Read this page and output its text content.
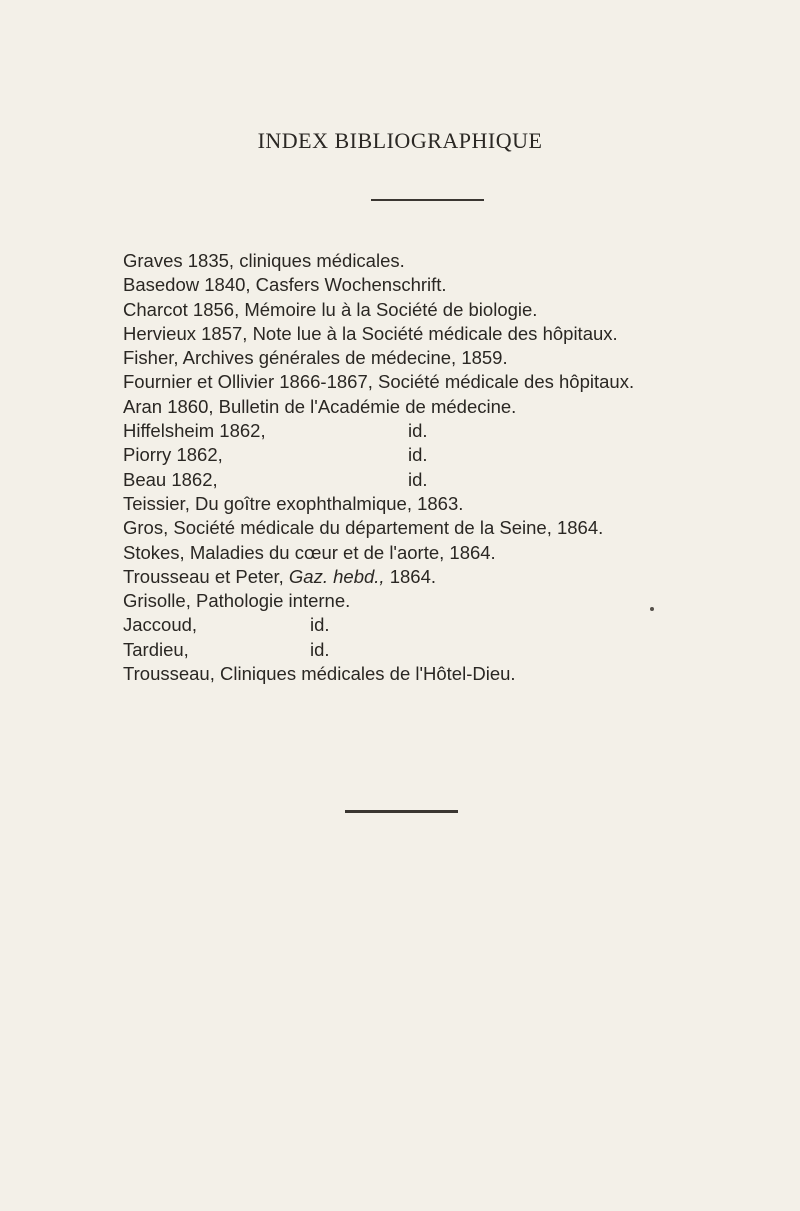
INDEX BIBLIOGRAPHIQUE
Graves 1835, cliniques médicales.
Basedow 1840, Casfers Wochenschrift.
Charcot 1856, Mémoire lu à la Société de biologie.
Hervieux 1857, Note lue à la Société médicale des hôpitaux.
Fisher, Archives générales de médecine, 1859.
Fournier et Ollivier 1866-1867, Société médicale des hôpitaux.
Aran 1860, Bulletin de l'Académie de médecine.
Hiffelsheim 1862,	id.
Piorry 1862,	id.
Beau 1862,	id.
Teissier, Du goître exophthalmique, 1863.
Gros, Société médicale du département de la Seine, 1864.
Stokes, Maladies du cœur et de l'aorte, 1864.
Trousseau et Peter, Gaz. hebd., 1864.
Grisolle, Pathologie interne.
Jaccoud,	id.
Tardieu,	id.
Trousseau, Cliniques médicales de l'Hôtel-Dieu.
